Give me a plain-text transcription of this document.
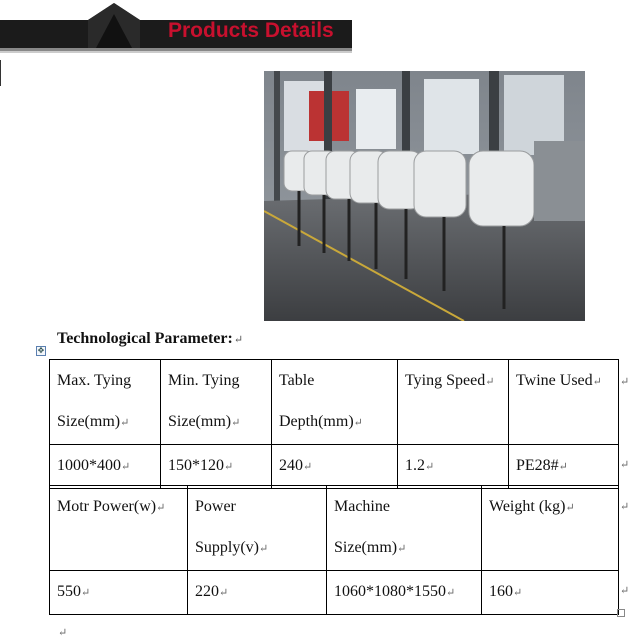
Products Details
Technological Parameter:↵
✥
Max. Tying
Size(mm)↵	Min. Tying
Size(mm)↵	Table
Depth(mm)↵	Tying Speed↵	Twine Used↵
1000*400↵	150*120↵	240↵	1.2↵	PE28#↵
Motr Power(w)↵	Power
Supply(v)↵	Machine
Size(mm)↵	Weight (kg)↵
550↵	220↵	1060*1080*1550↵	160↵
↵
↵
↵
↵
↵
